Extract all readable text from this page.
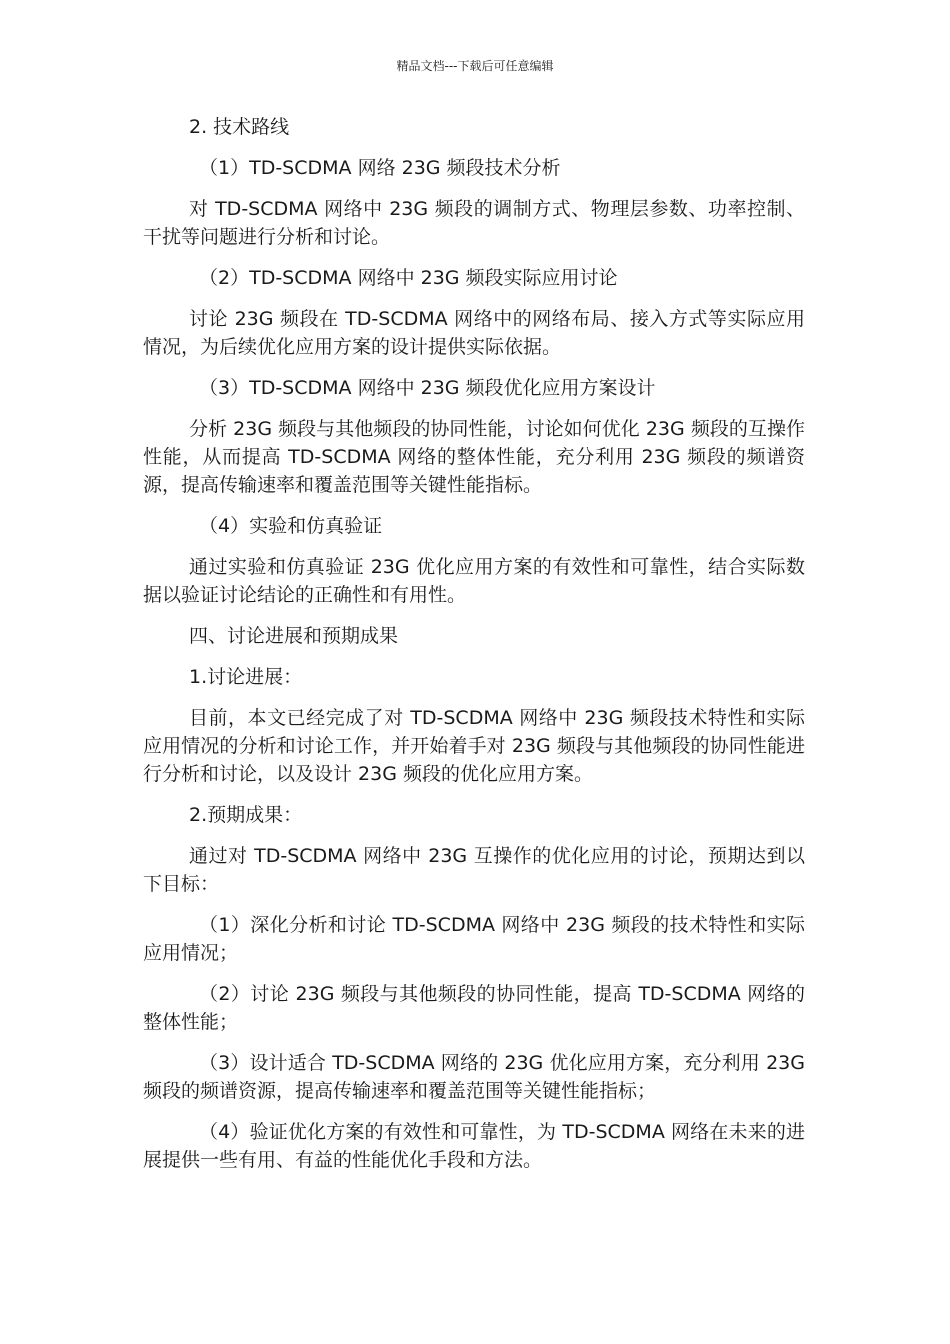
精品文档---下载后可任意编辑

2. 技术路线

（1）TD-SCDMA 网络 23G 频段技术分析

对 TD-SCDMA 网络中 23G 频段的调制方式、物理层参数、功率控制、干扰等问题进行分析和讨论。

（2）TD-SCDMA 网络中 23G 频段实际应用讨论

讨论 23G 频段在 TD-SCDMA 网络中的网络布局、接入方式等实际应用情况，为后续优化应用方案的设计提供实际依据。

（3）TD-SCDMA 网络中 23G 频段优化应用方案设计

分析 23G 频段与其他频段的协同性能，讨论如何优化 23G 频段的互操作性能，从而提高 TD-SCDMA 网络的整体性能，充分利用 23G 频段的频谱资源，提高传输速率和覆盖范围等关键性能指标。

（4）实验和仿真验证

通过实验和仿真验证 23G 优化应用方案的有效性和可靠性，结合实际数据以验证讨论结论的正确性和有用性。

四、讨论进展和预期成果

1.讨论进展：

目前，本文已经完成了对 TD-SCDMA 网络中 23G 频段技术特性和实际应用情况的分析和讨论工作，并开始着手对 23G 频段与其他频段的协同性能进行分析和讨论，以及设计 23G 频段的优化应用方案。

2.预期成果：

通过对 TD-SCDMA 网络中 23G 互操作的优化应用的讨论，预期达到以下目标：

（1）深化分析和讨论 TD-SCDMA 网络中 23G 频段的技术特性和实际应用情况；

（2）讨论 23G 频段与其他频段的协同性能，提高 TD-SCDMA 网络的整体性能；

（3）设计适合 TD-SCDMA 网络的 23G 优化应用方案，充分利用 23G 频段的频谱资源，提高传输速率和覆盖范围等关键性能指标；

（4）验证优化方案的有效性和可靠性，为 TD-SCDMA 网络在未来的进展提供一些有用、有益的性能优化手段和方法。
